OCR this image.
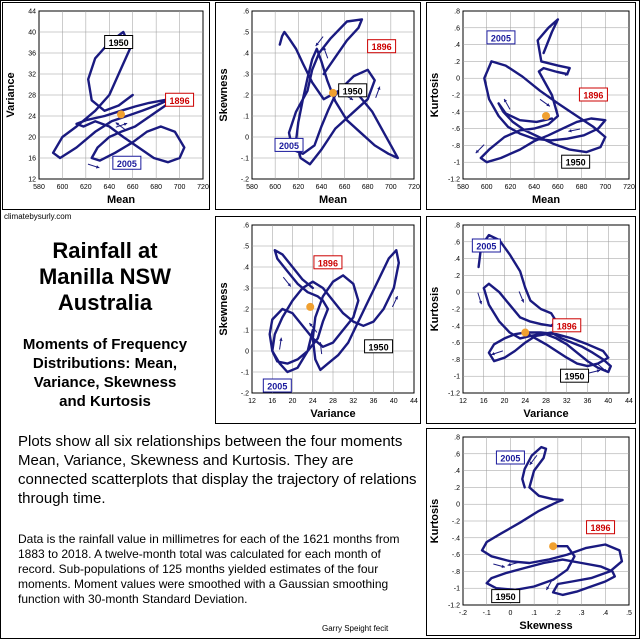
580 600 620 640 660 680 700 720
12
16
20
24
28
32
36
40
44
Mean
Variance
1950
1896
2005
580 600 620 640 660 680 700 720
-.2
-.1
0
.1
.2
.3
.4
.5
.6
Mean
Skewness	1950
1896
2005
580 600 620 640 660 680 700 720
-1.2
-1
-.8
-.6
-.4
-.2
0
.2
.4
.6
.8
Mean
Kurtosis
2005
1896
1950
12 16 20 24 28 32 36 40 44
-.2
-.1
0
.1
.2
.3
.4
.5
.6
Variance
Skewness
1896
1950
2005
12 16 20 24 28 32 36 40 44
-1.2
-1
-.8
-.6
-.4
-.2
0
.2
.4
.6
.8
Variance
Kurtosis
2005
1896
1950
-.2 -.1	0	.1	.2	.3	.4	.5
-1.2
-1
-.8
-.6
-.4
-.2
0
.2
.4
.6
.8
Skewness
Kurtosis
2005
1896
1950
climatebysurly.com
Rainfall at
Manilla NSW
Australia
Moments of Frequency
Distributions: Mean,
Variance, Skewness
and Kurtosis
Plots show all six relationships between the four moments Mean, Variance, Skewness and Kurtosis. They are connected scatterplots that display the trajectory of relations through time.
Data is the rainfall value in millimetres for each of the 1621 months from 1883 to 2018. A twelve-month total was calculated for each month of record. Sub-populations of 125 months yielded estimates of the four moments. Moment values were smoothed with a Gaussian smoothing function with 30-month Standard Deviation.
Garry Speight fecit
